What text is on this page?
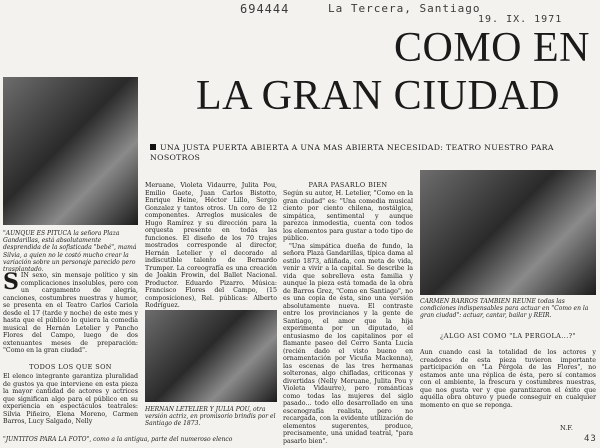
694444	La Tercera, Santiago
19. IX. 1971
COMO EN
LA GRAN CIUDAD
UNA JUSTA PUERTA ABIERTA A UNA MAS ABIERTA NECESIDAD: TEATRO NUESTRO PARA NOSOTROS
"AUNQUE ES PITUCA la señora Plaza Gandarillas, está absolutamente desprendida de la sofisticada "bebé", mamá Silvia, a quien no le costó mucho crear la variación sobre un personaje parecido pero trasplantado.
SIN sexo, sin mensaje político y sin complicaciones insolubles, pero con un cargamento de alegría, canciones, costumbres nuestras y humor, se presenta en el Teatro Carlos Cariola desde el 17 (tarde y noche) de este mes y hasta que el público lo quiera la comedia musical de Hernán Letelier y Pancho Flores del Campo, luego de dos extenuantes meses de preparación: "Como en la gran ciudad".
TODOS LOS QUE SON
El elenco integrante garantiza pluralidad de gustos ya que interviene en esta pieza la mayor cantidad de actores y actrices que significan algo para el público en su experiencia en espectáculos teatrales: Silvia Piñeiro, Elena Moreno, Carmen Barros, Lucy Salgado, Nelly
Meruane, Violeta Vidaurre, Julita Pou, Emilio Gaete, Juan Carlos Bistotto, Enrique Heine, Héctor Lillo, Sergio Gonzalez y tantos otros. Un coro de 12 componentes. Arreglos musicales de Hugo Ramírez y su dirección para la orquesta presente en todas las funciones. El diseño de los 70 trajes mostrados corresponde al director, Hernán Letelier y el decorado al indiscutible talento de Bernardo Trumper. La coreografía es una creación de Joakin Frowin, del Ballet Nacional. Productor. Eduardo Pizarro. Música: Francisco Flores del Campo, (15 composiciones), Rel. públicas: Alberto Rodríguez.
HERNAN LETELIER Y JULIA POU, otra versión actriz, en promisorio brindis por el Santiago de 1873.
PARA PASARLO BIEN
Según su autor, H. Letelier, "Como en la gran ciudad" es: "Una comedia musical ciento por ciento chilena, nostálgica, simpática, sentimental y aunque parezca inmodestia, cuenta con todos los elementos para gustar a todo tipo de público.
"Una simpática dueña de fundo, la señora Plaza Gandarillas, típica dama al estilo 1873, añiñada, con meta de vida, venir a vivir a la capital. Se describe la vida que sobrelleva esta familia y aunque la pieza está tomada de la obra de Barros Grez, "Como en Santiago", no es una copia de ésta, sino una versión absolutamente nueva. El contraste entre los provincianos y la gente de Santiago, el amor que la hija experimenta por un diputado, el entusiasmo de los capitalinos por el flamante paseo del Cerro Santa Lucía (recién dado el visto bueno en ornamentación por Vicuña Mackenna), las escenas de las tres hermanas solteronas, algo chifladas, criticonas y divertidas (Nelly Meruane, Julita Pou y Violeta Vidaurre), pero románticas como todas las mujeres del siglo pasado... todo ello desarrollado en una escenografía realista, pero no recargada, con la evidente utilización de elementos sugerentes, produce, precisamente, una unidad teatral, "para pasarlo bien".
CARMEN BARROS TAMBIEN REUNE todas las condiciones indispensables para actuar en "Como en la gran ciudad": actuar, cantar, bailar y REIR.
¿ALGO ASI COMO "LA PERGOLA...?"
Aun cuando casi la totalidad de los actores y creadores de esta pieza tuvieron importante participación en "La Pérgola de las Flores", no estamos ante una réplica de ésta, pero sí contamos con el ambiente, la frescura y costumbres nuestras, que nos gusta ver y que garantizaron el éxito que aquélla obra obtuvo y puede conseguir en cualquier momento en que se reponga.
N.F.
43
"JUNTITOS PARA LA FOTO", como a la antigua, parte del numeroso elenco
